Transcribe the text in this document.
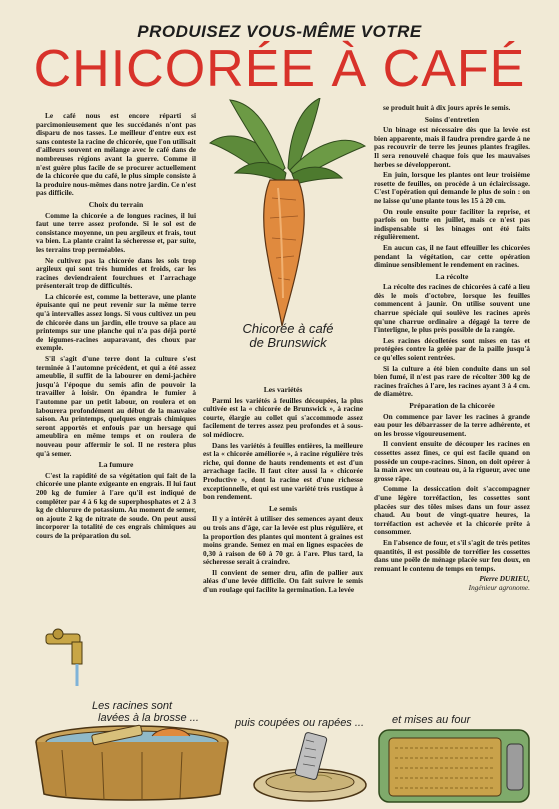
PRODUISEZ VOUS-MÊME VOTRE
CHICORÉE À CAFÉ
Chicorée à café
de Brunswick

Le café nous est encore réparti si parcimonieusement que les succédanés n'ont pas disparu de nos tasses. Le meilleur d'entre eux est sans conteste la racine de chicorée, que l'on utilisait d'ailleurs souvent en mélange avec le café dans de nombreuses régions avant la guerre. Comme il n'est guère plus facile de se procurer actuellement de la chicorée que du café, le plus simple consiste à la produire nous-mêmes dans notre jardin. Ce n'est pas difficile.

Choix du terrain

Comme la chicorée a de longues racines, il lui faut une terre assez profonde. Si le sol est de consistance moyenne, un peu argileux et frais, tout va bien. La plante craint la sécheresse et, par suite, les terrains trop perméables.

Ne cultivez pas la chicorée dans les sols trop argileux qui sont très humides et froids, car les racines deviendraient fourchues et l'arrachage présenterait trop de difficultés.

La chicorée est, comme la betterave, une plante épuisante qui ne peut revenir sur la même terre qu'à intervalles assez longs. Si vous cultivez un peu de chicorée dans un jardin, elle trouve sa place au printemps sur une planche qui n'a pas déjà porté de légumes-racines auparavant, des choux par exemple.

S'il s'agit d'une terre dont la culture s'est terminée à l'automne précédent, et qui a été assez ameublie, il suffit de la labourer en demi-jachère jusqu'à l'époque du semis afin de pouvoir la travailler à loisir. On épandra le fumier à l'automne par un petit labour, on roulera et on labourera profondément au début de la mauvaise saison. Au printemps, quelques engrais chimiques seront apportés et enfouis par un hersage qui ameublira en même temps et on roulera de nouveau pour affermir le sol. Il ne restera plus qu'à semer.

La fumure

C'est la rapidité de sa végétation qui fait de la chicorée une plante exigeante en engrais. Il lui faut 200 kg de fumier à l'are qu'il est indiqué de compléter par 4 à 6 kg de superphosphates et 2 à 3 kg de chlorure de potassium. Au moment de semer, on ajoute 2 kg de nitrate de soude. On peut aussi incorporer la totalité de ces engrais chimiques au cours de la préparation du sol.

Les variétés

Parmi les variétés à feuilles découpées, la plus cultivée est la « chicorée de Brunswick », à racine courte, élargie au collet qui s'accommode assez facilement de terres assez peu profondes et à sous-sol médiocre.

Dans les variétés à feuilles entières, la meilleure est la « chicorée améliorée », à racine régulière très riche, qui donne de hauts rendements et est d'un arrachage facile. Il faut citer aussi la « chicorée Productive », dont la racine est d'une richesse exceptionnelle, et qui est une variété très rustique à bon rendement.

Le semis

Il y a intérêt à utiliser des semences ayant deux ou trois ans d'âge, car la levée est plus régulière, et la proportion des plantes qui montent à graines est moins grande. Semez en mai en lignes espacées de 0,30 à raison de 60 à 70 gr. à l'are. Plus tard, la sécheresse serait à craindre.

Il convient de semer dru, afin de pallier aux aléas d'une levée difficile. On fait suivre le semis d'un roulage qui facilite la germination. La levée

se produit huit à dix jours après le semis.

Soins d'entretien

Un binage est nécessaire dès que la levée est bien apparente, mais il faudra prendre garde à ne pas recouvrir de terre les jeunes plantes fragiles. Il sera renouvelé chaque fois que les mauvaises herbes se développeront.

En juin, lorsque les plantes ont leur troisième rosette de feuilles, on procède à un éclaircissage. C'est l'opération qui demande le plus de soin : on ne laisse qu'une plante tous les 15 à 20 cm.

On roule ensuite pour faciliter la reprise, et parfois on butte en juillet, mais ce n'est pas indispensable si les binages ont été faits régulièrement.

En aucun cas, il ne faut effeuiller les chicorées pendant la végétation, car cette opération diminue sensiblement le rendement en racines.

La récolte

La récolte des racines de chicorées à café a lieu dès le mois d'octobre, lorsque les feuilles commencent à jaunir. On utilise souvent une charrue spéciale qui soulève les racines après qu'une charrue ordinaire a dégagé la terre de l'interligne, le plus près possible de la rangée.

Les racines décolletées sont mises en tas et protégées contre la gelée par de la paille jusqu'à ce qu'elles soient rentrées.

Si la culture a été bien conduite dans un sol bien fumé, il n'est pas rare de récolter 300 kg de racines fraîches à l'are, les racines ayant 3 à 4 cm. de diamètre.

Préparation de la chicorée

On commence par laver les racines à grande eau pour les débarrasser de la terre adhérente, et on les brosse vigoureusement.

Il convient ensuite de découper les racines en cossettes assez fines, ce qui est facile quand on possède un coupe-racines. Sinon, on doit opérer à la main avec un couteau ou, à la rigueur, avec une grosse râpe.

Comme la dessiccation doit s'accompagner d'une légère torréfaction, les cossettes sont placées sur des tôles mises dans un four assez chaud. Au bout de vingt-quatre heures, la torréfaction est achevée et la chicorée prête à consommer.

En l'absence de four, et s'il s'agit de très petites quantités, il est possible de torréfier les cossettes dans une poêle de ménage placée sur feu doux, en remuant le contenu de temps en temps.

Pierre DURIEU,
Ingénieur agronome.
Les racines sont
lavées à la brosse ...	puis coupées ou rapées ...	et mises au four
